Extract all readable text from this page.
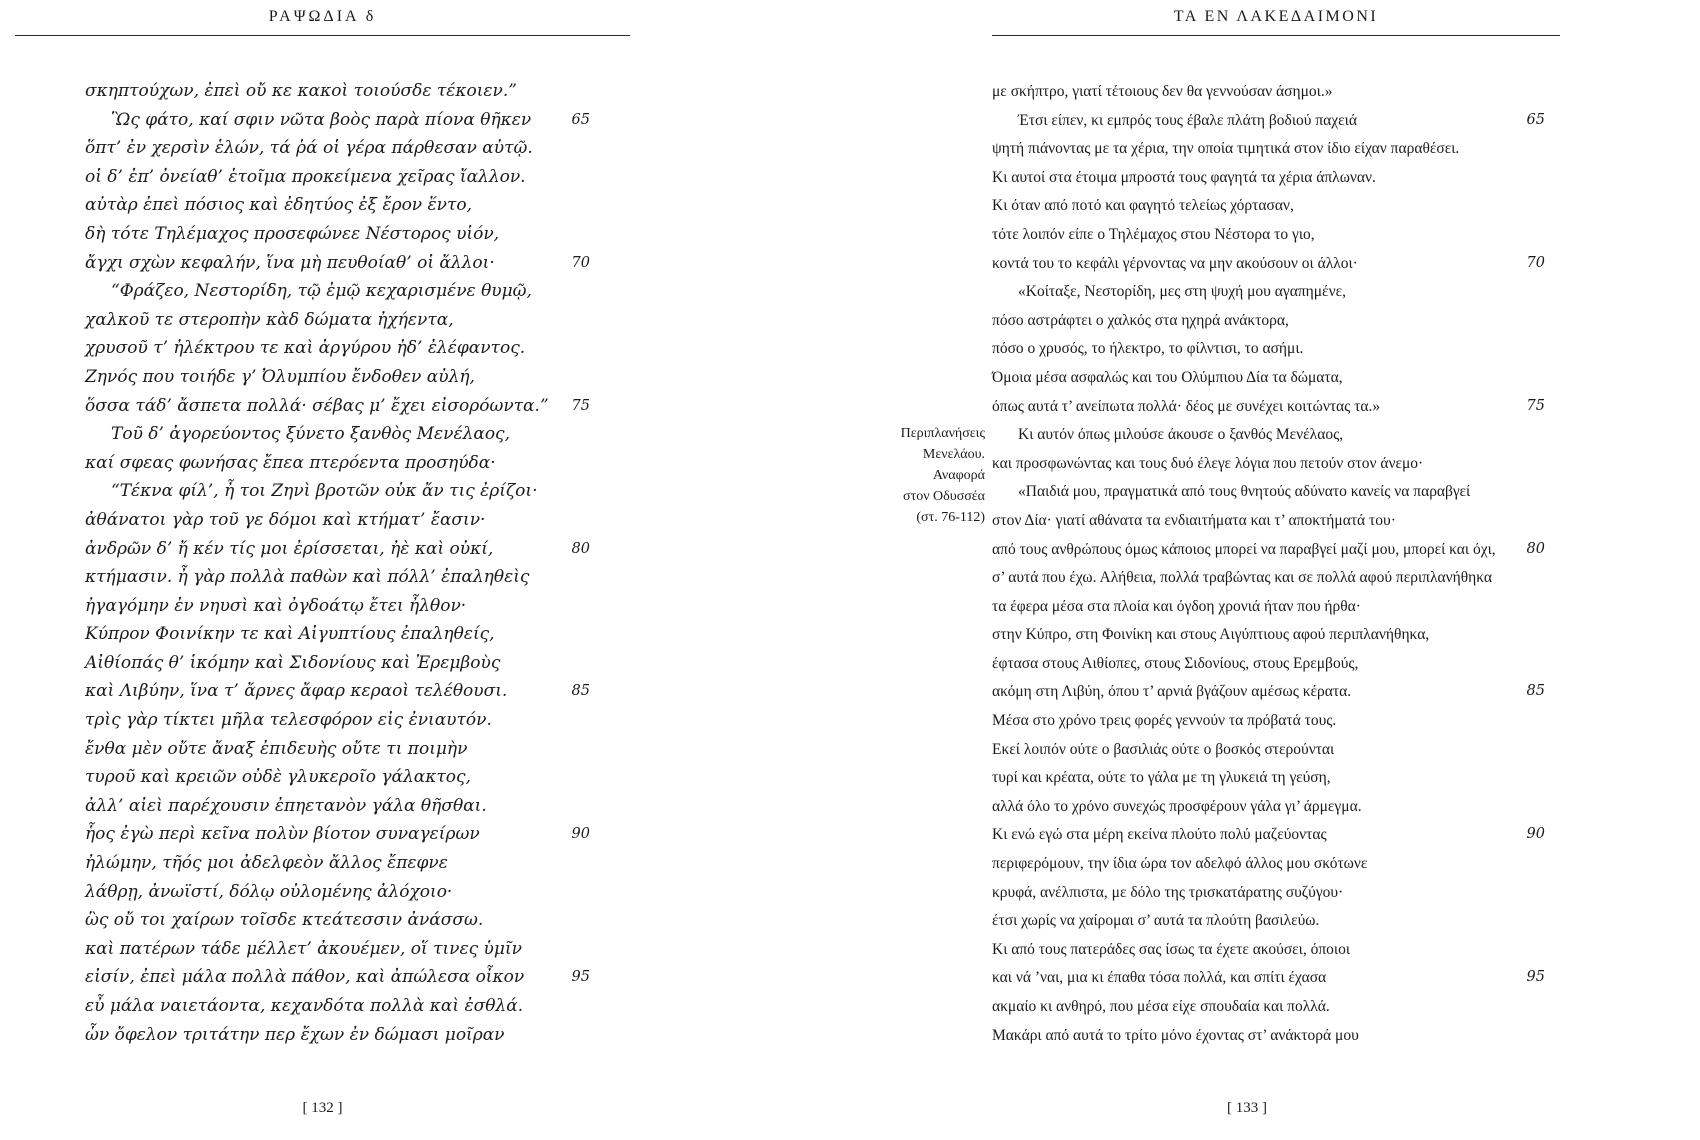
ΡΑΨΩΔΙΑ δ
σκηπτούχων, ἐπεὶ οὔ κε κακοὶ τοιούσδε τέκοιεν.”
Ὣς φάτο, καί σφιν νῶτα βοὸς παρὰ πίονα θῆκεν	65
ὅπτ’ ἐν χερσὶν ἑλών, τά ῥά οἱ γέρα πάρθεσαν αὐτῷ.
οἱ δ’ ἐπ’ ὀνείαθ’ ἑτοῖμα προκείμενα χεῖρας ἴαλλον.
αὐτὰρ ἐπεὶ πόσιος καὶ ἐδητύος ἐξ ἔρον ἕντο,
δὴ τότε Τηλέμαχος προσεφώνεε Νέστορος υἱόν,
ἄγχι σχὼν κεφαλήν, ἵνα μὴ πευθοίαθ’ οἱ ἄλλοι·	70
“Φράζεο, Νεστορίδη, τῷ ἐμῷ κεχαρισμένε θυμῷ,
χαλκοῦ τε στεροπὴν κὰδ δώματα ἠχήεντα,
χρυσοῦ τ’ ἠλέκτρου τε καὶ ἀργύρου ἠδ’ ἐλέφαντος.
Ζηνός που τοιήδε γ’ Ὀλυμπίου ἔνδοθεν αὐλή,
ὅσσα τάδ’ ἄσπετα πολλά· σέβας μ’ ἔχει εἰσορόωντα.” 75
Τοῦ δ’ ἀγορεύοντος ξύνετο ξανθὸς Μενέλαος,
καί σφεας φωνήσας ἔπεα πτερόεντα προσηύδα·
“Τέκνα φίλ’, ἦ τοι Ζηνὶ βροτῶν οὐκ ἄν τις ἐρίζοι·
ἀθάνατοι γὰρ τοῦ γε δόμοι καὶ κτήματ’ ἔασιν·
ἀνδρῶν δ’ ἤ κέν τίς μοι ἐρίσσεται, ἠὲ καὶ οὐκί,	80
κτήμασιν. ἦ γὰρ πολλὰ παθὼν καὶ πόλλ’ ἐπαληθεὶς
ἠγαγόμην ἐν νηυσὶ καὶ ὀγδοάτῳ ἔτει ἦλθον·
Κύπρον Φοινίκην τε καὶ Αἰγυπτίους ἐπαληθείς,
Αἰθίοπάς θ’ ἱκόμην καὶ Σιδονίους καὶ Ἐρεμβοὺς
καὶ Λιβύην, ἵνα τ’ ἄρνες ἄφαρ κεραοὶ τελέθουσι.	85
τρὶς γὰρ τίκτει μῆλα τελεσφόρον εἰς ἐνιαυτόν.
ἔνθα μὲν οὔτε ἄναξ ἐπιδευὴς οὔτε τι ποιμὴν
τυροῦ καὶ κρειῶν οὐδὲ γλυκεροῖο γάλακτος,
ἀλλ’ αἰεὶ παρέχουσιν ἐπηετανὸν γάλα θῆσθαι.
ἧος ἐγὼ περὶ κεῖνα πολὺν βίοτον συναγείρων	90
ἠλώμην, τῆός μοι ἀδελφεὸν ἄλλος ἔπεφνε
λάθρῃ, ἀνωϊστί, δόλῳ οὐλομένης ἀλόχοιο·
ὣς οὔ τοι χαίρων τοῖσδε κτεάτεσσιν ἀνάσσω.
καὶ πατέρων τάδε μέλλετ’ ἀκουέμεν, οἵ τινες ὑμῖν
εἰσίν, ἐπεὶ μάλα πολλὰ πάθον, καὶ ἀπώλεσα οἶκον	95
εὖ μάλα ναιετάοντα, κεχανδότα πολλὰ καὶ ἐσθλά.
ὧν ὄφελον τριτάτην περ ἔχων ἐν δώμασι μοῖραν
[ 132 ]
ΤΑ ΕΝ ΛΑΚΕΔΑΙΜΟΝΙ
Περιπλανήσεις
Μενελάου.
Αναφορά
στον Οδυσσέα
(στ. 76-112)
με σκήπτρο, γιατί τέτοιους δεν θα γεννούσαν άσημοι.»
Έτσι είπεν, κι εμπρός τους έβαλε πλάτη βοδιού παχειά	65
ψητή πιάνοντας με τα χέρια, την οποία τιμητικά στον ίδιο είχαν παραθέσει.
Κι αυτοί στα έτοιμα μπροστά τους φαγητά τα χέρια άπλωναν.
Κι όταν από ποτό και φαγητό τελείως χόρτασαν,
τότε λοιπόν είπε ο Τηλέμαχος στου Νέστορα το γιο,
κοντά του το κεφάλι γέρνοντας να μην ακούσουν οι άλλοι·	70
«Κοίταξε, Νεστορίδη, μες στη ψυχή μου αγαπημένε,
πόσο αστράφτει ο χαλκός στα ηχηρά ανάκτορα,
πόσο ο χρυσός, το ήλεκτρο, το φίλντισι, το ασήμι.
Όμοια μέσα ασφαλώς και του Ολύμπιου Δία τα δώματα,
όπως αυτά τ’ ανείπωτα πολλά· δέος με συνέχει κοιτώντας τα.»	75
Κι αυτόν όπως μιλούσε άκουσε ο ξανθός Μενέλαος,
και προσφωνώντας και τους δυό έλεγε λόγια που πετούν στον άνεμο·
«Παιδιά μου, πραγματικά από τους θνητούς αδύνατο κανείς να παραβγεί
στον Δία· γιατί αθάνατα τα ενδιαιτήματα και τ’ αποκτήματά του·
από τους ανθρώπους όμως κάποιος μπορεί να παραβγεί μαζί μου, μπορεί και όχι, 80
σ’ αυτά που έχω. Αλήθεια, πολλά τραβώντας και σε πολλά αφού περιπλανήθηκα
τα έφερα μέσα στα πλοία και όγδοη χρονιά ήταν που ήρθα·
στην Κύπρο, στη Φοινίκη και στους Αιγύπτιους αφού περιπλανήθηκα,
έφτασα στους Αιθίοπες, στους Σιδονίους, στους Ερεμβούς,
ακόμη στη Λιβύη, όπου τ’ αρνιά βγάζουν αμέσως κέρατα.	85
Μέσα στο χρόνο τρεις φορές γεννούν τα πρόβατά τους.
Εκεί λοιπόν ούτε ο βασιλιάς ούτε ο βοσκός στερούνται
τυρί και κρέατα, ούτε το γάλα με τη γλυκειά τη γεύση,
αλλά όλο το χρόνο συνεχώς προσφέρουν γάλα γι’ άρμεγμα.
Κι ενώ εγώ στα μέρη εκείνα πλούτο πολύ μαζεύοντας	90
περιφερόμουν, την ίδια ώρα τον αδελφό άλλος μου σκότωνε
κρυφά, ανέλπιστα, με δόλο της τρισκατάρατης συζύγου·
έτσι χωρίς να χαίρομαι σ’ αυτά τα πλούτη βασιλεύω.
Κι από τους πατεράδες σας ίσως τα έχετε ακούσει, όποιοι
και νά ’ναι, μια κι έπαθα τόσα πολλά, και σπίτι έχασα	95
ακμαίο κι ανθηρό, που μέσα είχε σπουδαία και πολλά.
Μακάρι από αυτά το τρίτο μόνο έχοντας στ’ ανάκτορά μου
[ 133 ]
